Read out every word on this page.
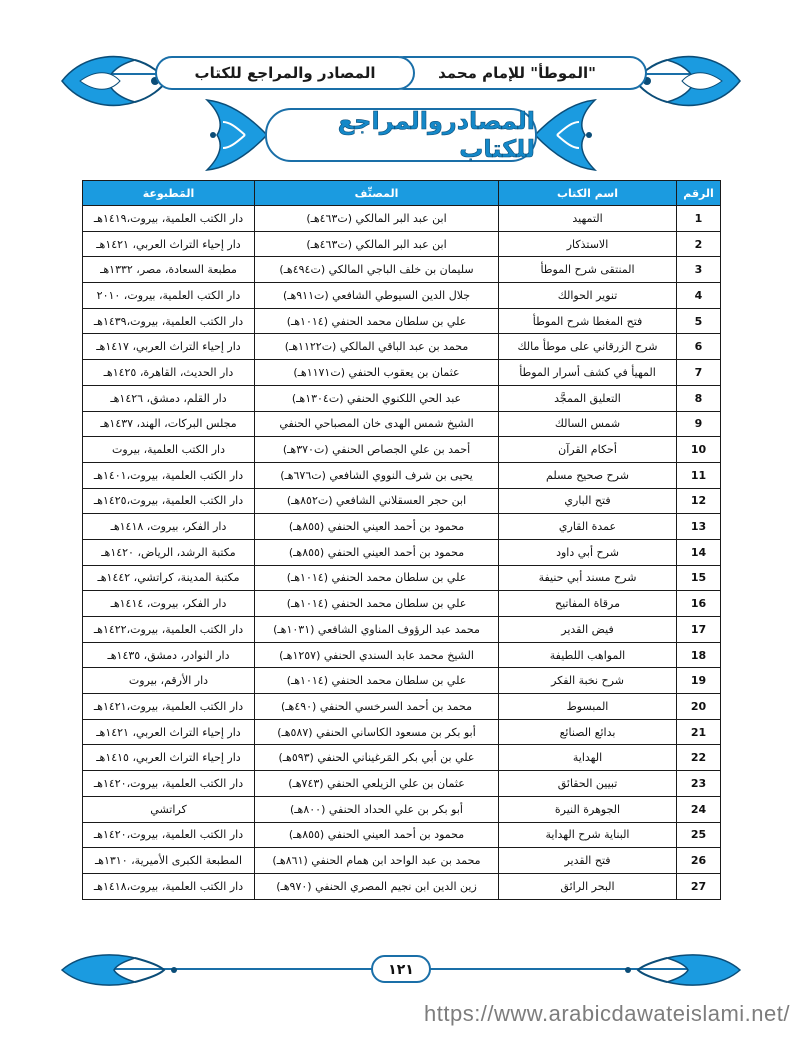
"الموطأ" للإمام محمد
المصادر والمراجع للكتاب
المصادروالمراجع للكتاب
الرقم	اسم الكتاب	المصنِّف	المَطبوعة
1	التمهيد	ابن عبد البر المالكي (ت٤٦٣هـ)	دار الكتب العلمية، بيروت،١٤١٩هـ
2	الاستذكار	ابن عبد البر المالكي (ت٤٦٣هـ)	دار إحياء التراث العربي، ١٤٢١هـ
3	المنتقى شرح الموطأ	سليمان بن خلف الباجي المالكي (ت٤٩٤هـ)	مطبعة السعادة، مصر، ١٣٣٢هـ
4	تنوير الحوالك	جلال الدين السيوطي الشافعي (ت٩١١هـ)	دار الكتب العلمية، بيروت، ٢٠١٠
5	فتح المغطا شرح الموطأ	علي بن سلطان محمد الحنفي (١٠١٤هـ)	دار الكتب العلمية، بيروت،١٤٣٩هـ
6	شرح الزرقاني على موطأ مالك	محمد بن عبد الباقي المالكي (ت١١٢٢هـ)	دار إحياء التراث العربي، ١٤١٧هـ
7	المهيأ في كشف أسرار الموطأ	عثمان بن يعقوب الحنفي (ت١١٧١هـ)	دار الحديث، القاهرة، ١٤٢٥هـ
8	التعليق الممجَّد	عبد الحي اللكنوي الحنفي (ت١٣٠٤هـ)	دار القلم، دمشق، ١٤٢٦هـ
9	شمس السالك	الشيخ شمس الهدى خان المصباحي الحنفي	مجلس البركات، الهند، ١٤٣٧هـ
10	أحكام القرآن	أحمد بن علي الجصاص الحنفي (ت٣٧٠هـ)	دار الكتب العلمية، بيروت
11	شرح صحيح مسلم	يحيى بن شرف النووي الشافعي (ت٦٧٦هـ)	دار الكتب العلمية، بيروت،١٤٠١هـ
12	فتح الباري	ابن حجر العسقلاني الشافعي (ت٨٥٢هـ)	دار الكتب العلمية، بيروت،١٤٢٥هـ
13	عمدة القاري	محمود بن أحمد العيني الحنفي (٨٥٥هـ)	دار الفكر، بيروت، ١٤١٨هـ
14	شرح أبي داود	محمود بن أحمد العيني الحنفي (٨٥٥هـ)	مكتبة الرشد، الرياض، ١٤٢٠هـ
15	شرح مسند أبي حنيفة	علي بن سلطان محمد الحنفي (١٠١٤هـ)	مكتبة المدينة، كراتشي، ١٤٤٢هـ
16	مرقاة المفاتيح	علي بن سلطان محمد الحنفي (١٠١٤هـ)	دار الفكر، بيروت، ١٤١٤هـ
17	فيض القدير	محمد عبد الرؤوف المناوي الشافعي (١٠٣١هـ)	دار الكتب العلمية، بيروت،١٤٢٢هـ
18	المواهب اللطيفة	الشيخ محمد عابد السندي الحنفي (١٢٥٧هـ)	دار النوادر، دمشق، ١٤٣٥هـ
19	شرح نخبة الفكر	علي بن سلطان محمد الحنفي (١٠١٤هـ)	دار الأرقم، بيروت
20	المبسوط	محمد بن أحمد السرخسي الحنفي (٤٩٠هـ)	دار الكتب العلمية، بيروت،١٤٢١هـ
21	بدائع الصنائع	أبو بكر بن مسعود الكاساني الحنفي (٥٨٧هـ)	دار إحياء التراث العربي، ١٤٢١هـ
22	الهداية	علي بن أبي بكر المَرغيناني الحنفي (٥٩٣هـ)	دار إحياء التراث العربي، ١٤١٥هـ
23	تبيين الحقائق	عثمان بن علي الزيلعي الحنفي (٧٤٣هـ)	دار الكتب العلمية، بيروت،١٤٢٠هـ
24	الجوهرة النيرة	أبو بكر بن علي الحداد الحنفي (٨٠٠هـ)	كراتشي
25	البناية شرح الهداية	محمود بن أحمد العيني الحنفي (٨٥٥هـ)	دار الكتب العلمية، بيروت،١٤٢٠هـ
26	فتح القدير	محمد بن عبد الواحد ابن همام الحنفي (٨٦١هـ)	المطبعة الكبرى الأميرية، ١٣١٠هـ
27	البحر الرائق	زين الدين ابن نجيم المصري الحنفي (٩٧٠هـ)	دار الكتب العلمية، بيروت،١٤١٨هـ
١٢١
https://www.arabicdawateislami.net/
